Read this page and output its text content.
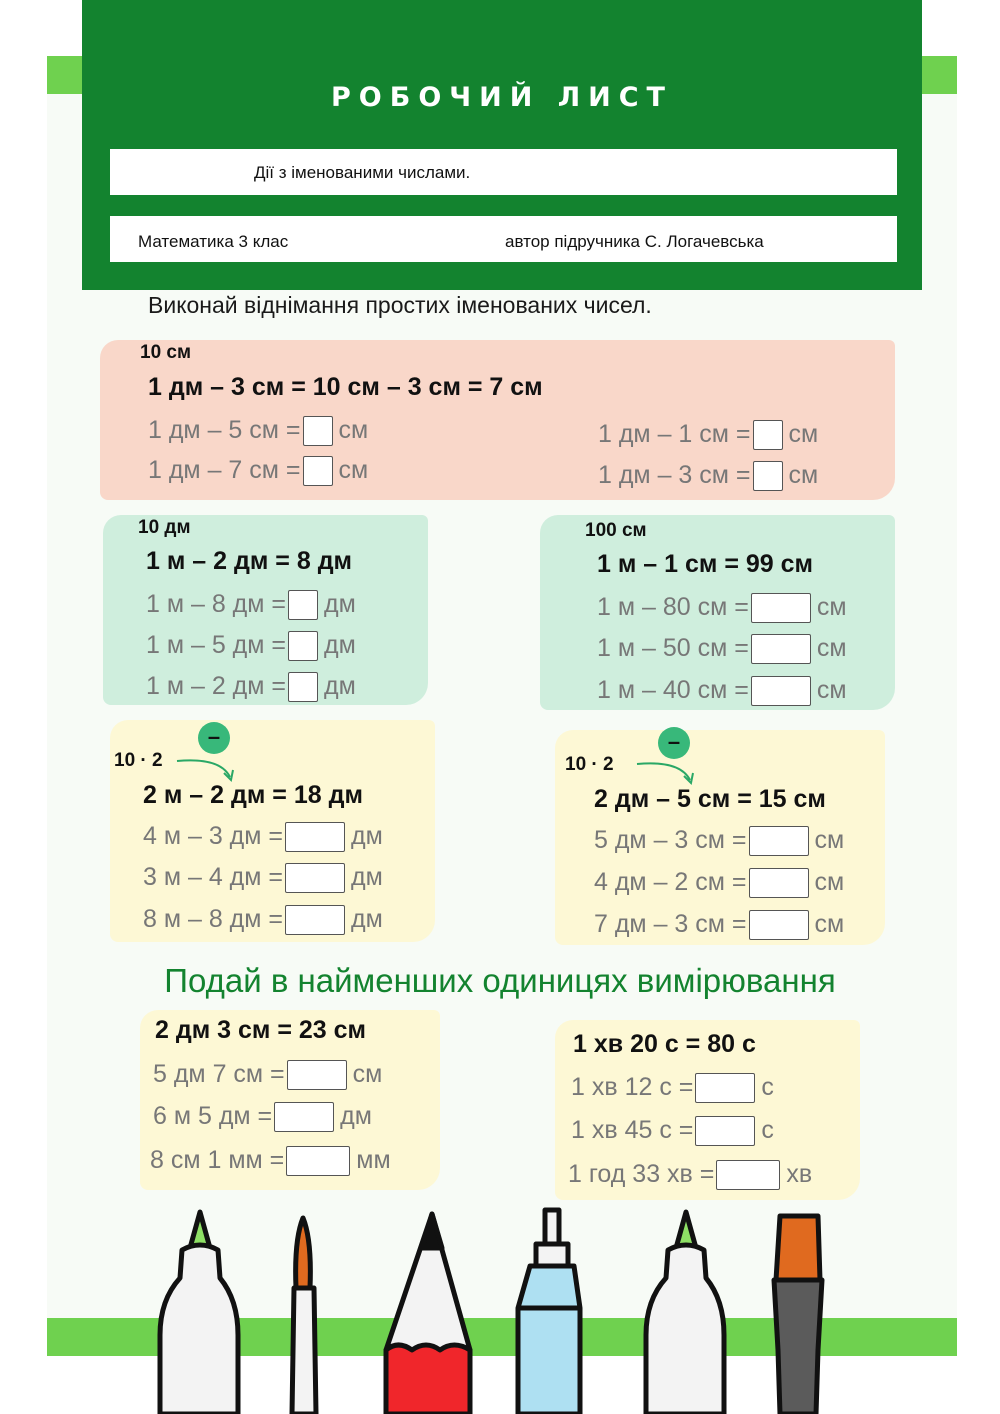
РОБОЧИЙ ЛИСТ
Дії з іменованими числами.
Математика 3 клас	автор підручника С. Логачевська
Виконай віднімання простих іменованих чисел.
10 см
1 дм – 3 см = 10 см – 3 см = 7 см
1 дм – 5 см = см
1 дм – 7 см = см
1 дм – 1 см = см
1 дм – 3 см = см
10 дм
1 м – 2 дм = 8 дм
1 м – 8 дм = дм
1 м – 5 дм = дм
1 м – 2 дм = дм
100 см
1 м – 1 см = 99 см
1 м – 80 см =	см
1 м – 50 см =	см
1 м – 40 см =	см
–
10 · 2
2 м – 2 дм = 18 дм
4 м – 3 дм =	дм
3 м – 4 дм =	дм
8 м – 8 дм =	дм
–
10 · 2
2 дм – 5 см = 15 см
5 дм – 3 см =	см
4 дм – 2 см =	см
7 дм – 3 см =	см
Подай в найменших одиницях вимірювання
2 дм 3 см = 23 см
5 дм 7 см =	см
6 м 5 дм =	дм
8 см 1 мм =	мм
1 хв 20 с = 80 с
1 хв 12 с =	с
1 хв 45 с =	с
1 год 33 хв =	хв
